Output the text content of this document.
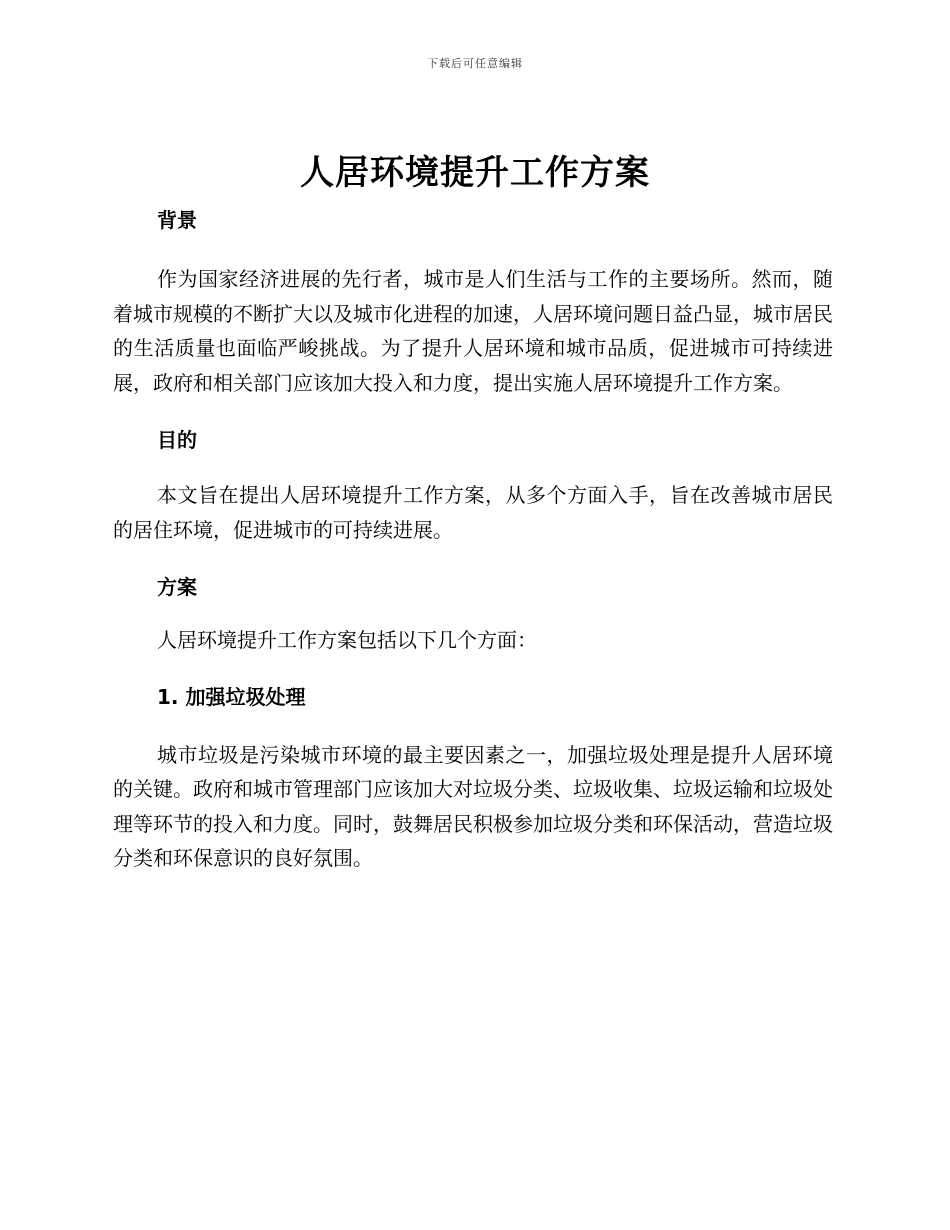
下载后可任意编辑
人居环境提升工作方案
背景

作为国家经济进展的先行者，城市是人们生活与工作的主要场所。然而，随着城市规模的不断扩大以及城市化进程的加速，人居环境问题日益凸显，城市居民的生活质量也面临严峻挑战。为了提升人居环境和城市品质，促进城市可持续进展，政府和相关部门应该加大投入和力度，提出实施人居环境提升工作方案。

目的

本文旨在提出人居环境提升工作方案，从多个方面入手，旨在改善城市居民的居住环境，促进城市的可持续进展。

方案

人居环境提升工作方案包括以下几个方面：

1. 加强垃圾处理

城市垃圾是污染城市环境的最主要因素之一，加强垃圾处理是提升人居环境的关键。政府和城市管理部门应该加大对垃圾分类、垃圾收集、垃圾运输和垃圾处理等环节的投入和力度。同时，鼓舞居民积极参加垃圾分类和环保活动，营造垃圾分类和环保意识的良好氛围。
